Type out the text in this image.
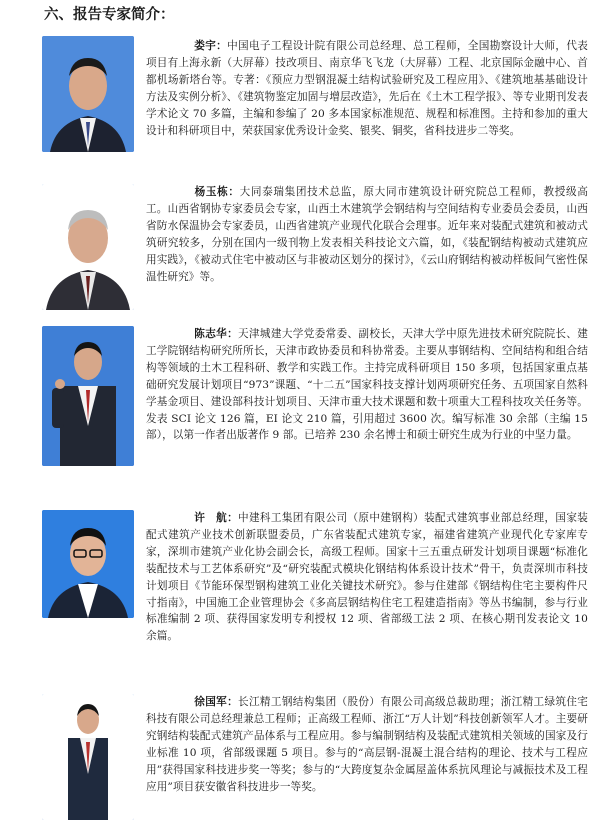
六、报告专家简介：
娄宇：中国电子工程设计院有限公司总经理、总工程师，全国勘察设计大师，代表项目有上海永新（大屏幕）技改项目、南京华飞飞龙（大屏幕）工程、北京国际金融中心、首都机场新塔台等。专著：《预应力型钢混凝土结构试验研究及工程应用》、《建筑地基基础设计方法及实例分析》、《建筑物鉴定加固与增层改造》，先后在《土木工程学报》、等专业期刊发表学术论文 70 多篇，主编和参编了 20 多本国家标准规范、规程和标准图。主持和参加的重大设计和科研项目中，荣获国家优秀设计金奖、银奖、铜奖，省科技进步二等奖。
杨玉栋：大同泰瑞集团技术总监，原大同市建筑设计研究院总工程师，教授级高工。山西省钢协专家委员会专家，山西土木建筑学会钢结构与空间结构专业委员会委员，山西省防水保温协会专家委员，山西省建筑产业现代化联合会理事。近年来对装配式建筑和被动式筑研究较多，分别在国内一级刊物上发表相关科技论文六篇，如，《装配钢结构被动式建筑应用实践》，《被动式住宅中被动区与非被动区划分的探讨》，《云山府钢结构被动样板间气密性保温性研究》等。
陈志华：天津城建大学党委常委、副校长，天津大学中原先进技术研究院院长、建工学院钢结构研究所所长，天津市政协委员和科协常委。主要从事钢结构、空间结构和组合结构等领域的土木工程科研、教学和实践工作。主持完成科研项目 150 多项，包括国家重点基础研究发展计划项目“973”课题、“十二五”国家科技支撑计划两项研究任务、五项国家自然科学基金项目、建设部科技计划项目、天津市重大技术课题和数十项重大工程科技攻关任务等。发表 SCI 论文 126 篇，EI 论文 210 篇，引用超过 3600 次。编写标准 30 余部（主编 15 部），以第一作者出版著作 9 部。已培养 230 余名博士和硕士研究生成为行业的中坚力量。
许　航：中建科工集团有限公司（原中建钢构）装配式建筑事业部总经理，国家装配式建筑产业技术创新联盟委员，广东省装配式建筑专家，福建省建筑产业现代化专家库专家，深圳市建筑产业化协会副会长，高级工程师。国家十三五重点研发计划项目课题“标准化装配技术与工艺体系研究”及“研究装配式模块化钢结构体系设计技术”骨干，负责深圳市科技计划项目《节能环保型钢构建筑工业化关键技术研究》。参与住建部《钢结构住宅主要构件尺寸指南》，中国施工企业管理协会《多高层钢结构住宅工程建造指南》等丛书编制，参与行业标准编制 2 项、获得国家发明专利授权 12 项、省部级工法 2 项、在核心期刊发表论文 10 余篇。
徐国军：长江精工钢结构集团（股份）有限公司高级总裁助理；浙江精工绿筑住宅科技有限公司总经理兼总工程师；正高级工程师、浙江“万人计划”科技创新领军人才。主要研究钢结构装配式建筑产品体系与工程应用。参与编制钢结构及装配式建筑相关领域的国家及行业标准 10 项，省部级课题 5 项目。参与的“高层钢-混凝土混合结构的理论、技术与工程应用”获得国家科技进步奖一等奖；参与的“大跨度复杂金属屋盖体系抗风理论与减振技术及工程应用”项目获安徽省科技进步一等奖。
